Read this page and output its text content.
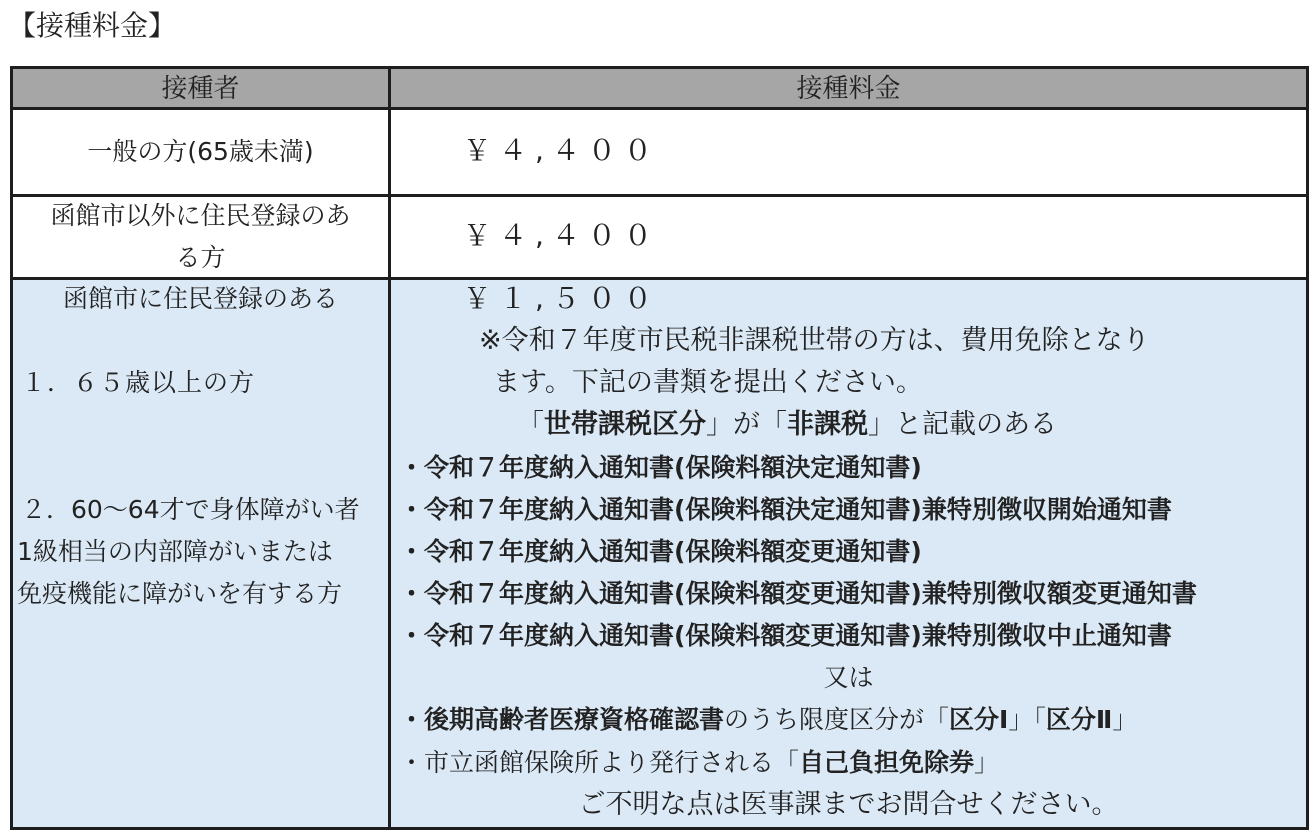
【接種料金】
接種者	接種料金
一般の方(65歳未満)	￥４,４００
函館市以外に住民登録のあ
る方
￥４,４００
函館市に住民登録のある
１．６５歳以上の方
２．60～64才で身体障がい者
1級相当の内部障がいまたは
免疫機能に障がいを有する方
￥１,５００
※令和７年度市民税非課税世帯の方は、費用免除となり
ます。下記の書類を提出ください。
「世帯課税区分」が「非課税」と記載のある
・令和７年度納入通知書(保険料額決定通知書)
・令和７年度納入通知書(保険料額決定通知書)兼特別徴収開始通知書
・令和７年度納入通知書(保険料額変更通知書)
・令和７年度納入通知書(保険料額変更通知書)兼特別徴収額変更通知書
・令和７年度納入通知書(保険料額変更通知書)兼特別徴収中止通知書
又は
・後期高齢者医療資格確認書のうち限度区分が「区分Ⅰ」「区分Ⅱ」
・市立函館保険所より発行される「自己負担免除券」
ご不明な点は医事課までお問合せください。
